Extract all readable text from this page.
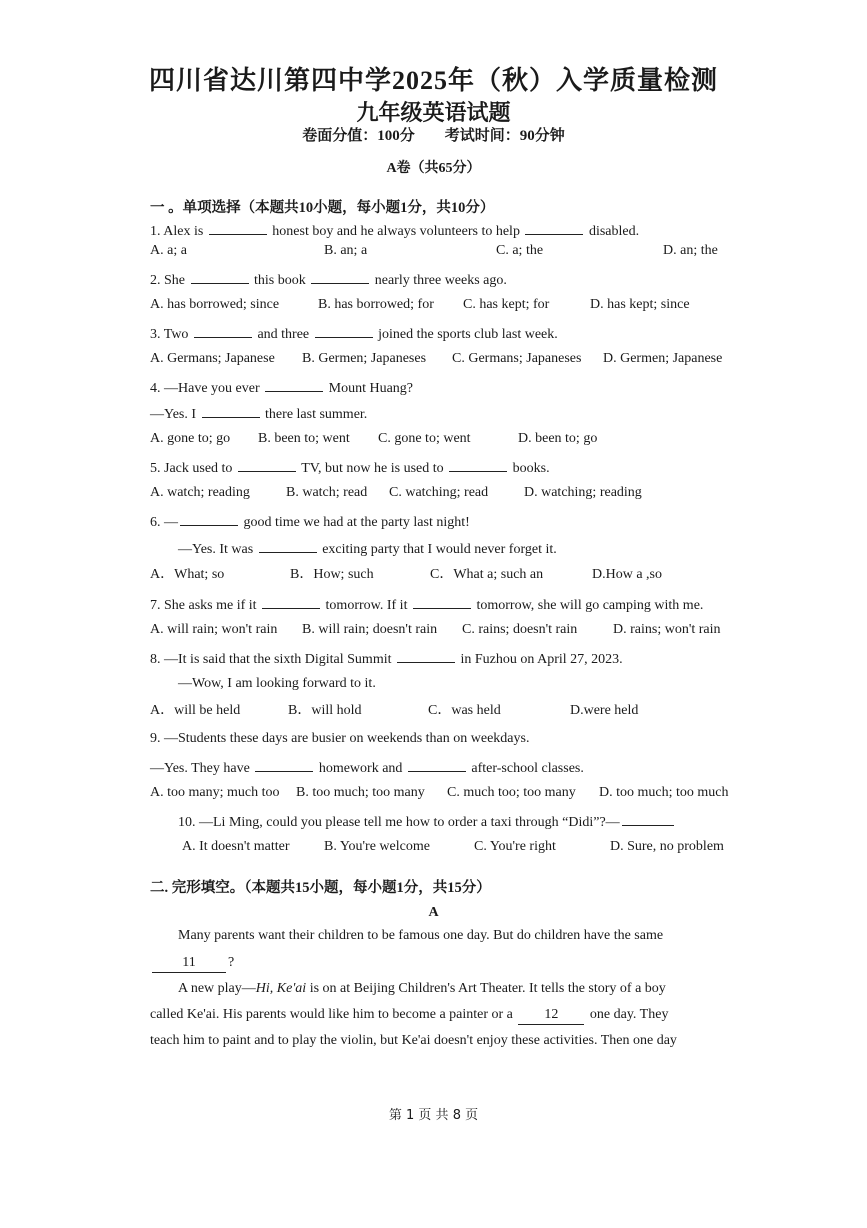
四川省达川第四中学2025年（秋）入学质量检测
九年级英语试题
卷面分值：100分　　考试时间：90分钟
A卷（共65分）
一 。单项选择（本题共10小题，每小题1分，共10分）
1. Alex is	honest boy and he always volunteers to help	disabled.
A. a; a	B. an; a	C. a; the	D. an; the
2. She	this book	nearly three weeks ago.
A. has borrowed; since	B. has borrowed; for C. has kept; for	D. has kept; since
3. Two	and three	joined the sports club last week.
A. Germans; Japanese B. Germen; Japaneses C. Germans; Japaneses D. Germen; Japanese
4. —Have you ever	Mount Huang?
—Yes. I	there last summer.
A. gone to; go B. been to; went C. gone to; went	D. been to; go
5. Jack used to	TV, but now he is used to	books.
A. watch; reading	B. watch; read C. watching; read	D. watching; reading
6. —	good time we had at the party last night!
—Yes. It was	exciting party that I would never forget it.
A．What; so	B．How; such	C．What a; such an	D.How a ,so
7. She asks me if it	tomorrow. If it	tomorrow, she will go camping with me.
A. will rain; won't rain B. will rain; doesn't rain C. rains; doesn't rain	D. rains; won't rain
8. —It is said that the sixth Digital Summit	in Fuzhou on April 27, 2023.
—Wow, I am looking forward to it.
A．will be held	B．will hold	C．was held	D.were held
9. —Students these days are busier on weekends than on weekdays.
—Yes. They have	homework and	after-school classes.
A. too many; much too B. too much; too many C. much too; too many D. too much; too much
10. —Li Ming, could you please tell me how to order a taxi through “Didi”?—
A. It doesn't matter B. You're welcome	C. You're right	D. Sure, no problem
二. 完形填空。（本题共15小题，每小题1分，共15分）
A
Many parents want their children to be famous one day. But do children have the same
11 ?
A new play—Hi, Ke'ai is on at Beijing Children's Art Theater. It tells the story of a boy
called Ke'ai. His parents would like him to become a painter or a 12 one day. They
teach him to paint and to play the violin, but Ke'ai doesn't enjoy these activities. Then one day
第 1 页 共 8 页
